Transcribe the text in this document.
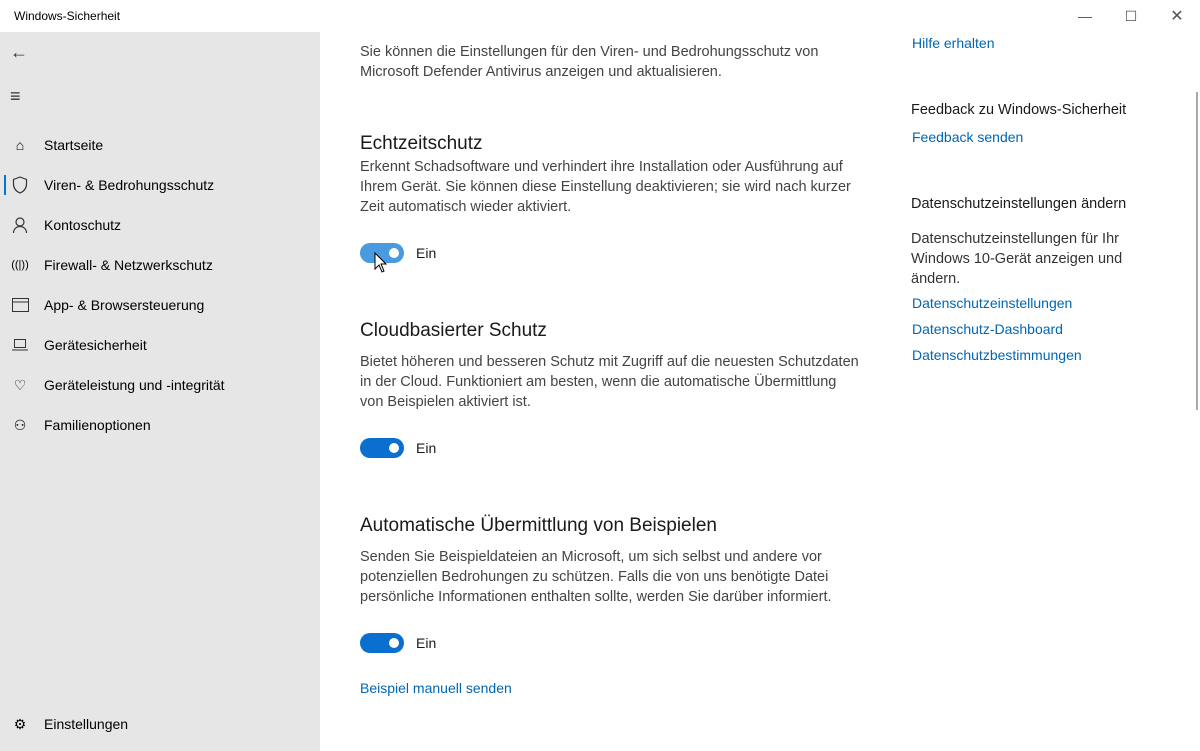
Windows-Sicherheit	—	☐	✕
←
≡
⌂	Startseite
Viren- & Bedrohungsschutz
Kontoschutz
((|))	Firewall- & Netzwerkschutz
App- & Browsersteuerung
Gerätesicherheit
♡	Geräteleistung und -integrität
⚇	Familienoptionen
⚙	Einstellungen

Sie können die Einstellungen für den Viren- und Bedrohungsschutz von Microsoft Defender Antivirus anzeigen und aktualisieren.

Echtzeitschutz

Erkennt Schadsoftware und verhindert ihre Installation oder Ausführung auf Ihrem Gerät. Sie können diese Einstellung deaktivieren; sie wird nach kurzer Zeit automatisch wieder aktiviert.

Ein
Cloudbasierter Schutz

Bietet höheren und besseren Schutz mit Zugriff auf die neuesten Schutzdaten in der Cloud. Funktioniert am besten, wenn die automatische Übermittlung von Beispielen aktiviert ist.

Ein
Automatische Übermittlung von Beispielen

Senden Sie Beispieldateien an Microsoft, um sich selbst und andere vor potenziellen Bedrohungen zu schützen. Falls die von uns benötigte Datei persönliche Informationen enthalten sollte, werden Sie darüber informiert.

Ein
Beispiel manuell senden
Hilfe erhalten
Feedback zu Windows-Sicherheit
Feedback senden
Datenschutzeinstellungen ändern
Datenschutzeinstellungen für Ihr Windows 10-Gerät anzeigen und ändern.
Datenschutzeinstellungen
Datenschutz-Dashboard
Datenschutzbestimmungen
